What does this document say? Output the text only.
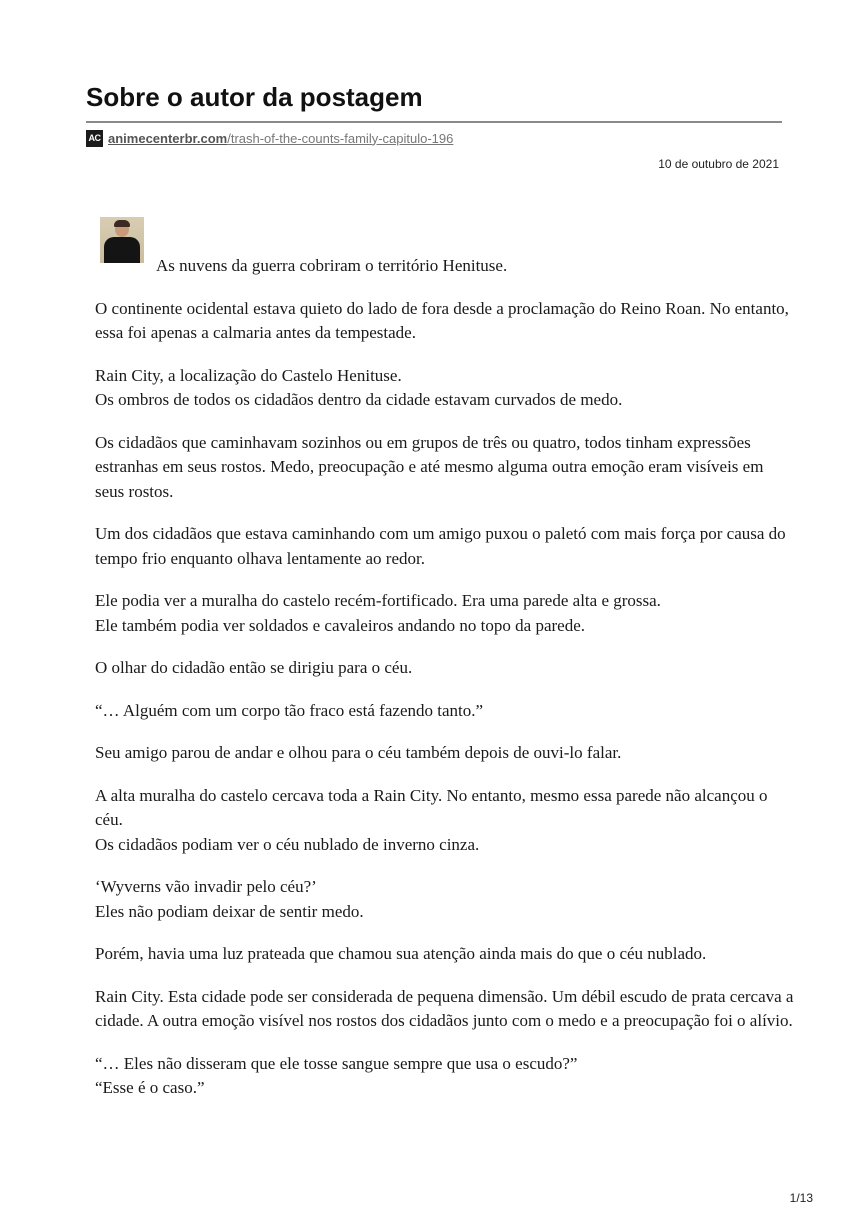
Sobre o autor da postagem
AC animecenterbr.com /trash-of-the-counts-family-capitulo-196
10 de outubro de 2021

As nuvens da guerra cobriram o território Henituse.

O continente ocidental estava quieto do lado de fora desde a proclamação do Reino Roan. No entanto, essa foi apenas a calmaria antes da tempestade.

Rain City, a localização do Castelo Henituse.
Os ombros de todos os cidadãos dentro da cidade estavam curvados de medo.

Os cidadãos que caminhavam sozinhos ou em grupos de três ou quatro, todos tinham expressões estranhas em seus rostos. Medo, preocupação e até mesmo alguma outra emoção eram visíveis em seus rostos.

Um dos cidadãos que estava caminhando com um amigo puxou o paletó com mais força por causa do tempo frio enquanto olhava lentamente ao redor.

Ele podia ver a muralha do castelo recém-fortificado. Era uma parede alta e grossa.
Ele também podia ver soldados e cavaleiros andando no topo da parede.

O olhar do cidadão então se dirigiu para o céu.

“… Alguém com um corpo tão fraco está fazendo tanto.”

Seu amigo parou de andar e olhou para o céu também depois de ouvi-lo falar.

A alta muralha do castelo cercava toda a Rain City. No entanto, mesmo essa parede não alcançou o céu.
Os cidadãos podiam ver o céu nublado de inverno cinza.

‘Wyverns vão invadir pelo céu?’
Eles não podiam deixar de sentir medo.

Porém, havia uma luz prateada que chamou sua atenção ainda mais do que o céu nublado.

Rain City. Esta cidade pode ser considerada de pequena dimensão. Um débil escudo de prata cercava a cidade. A outra emoção visível nos rostos dos cidadãos junto com o medo e a preocupação foi o alívio.

“… Eles não disseram que ele tosse sangue sempre que usa o escudo?”
“Esse é o caso.”

1/13
